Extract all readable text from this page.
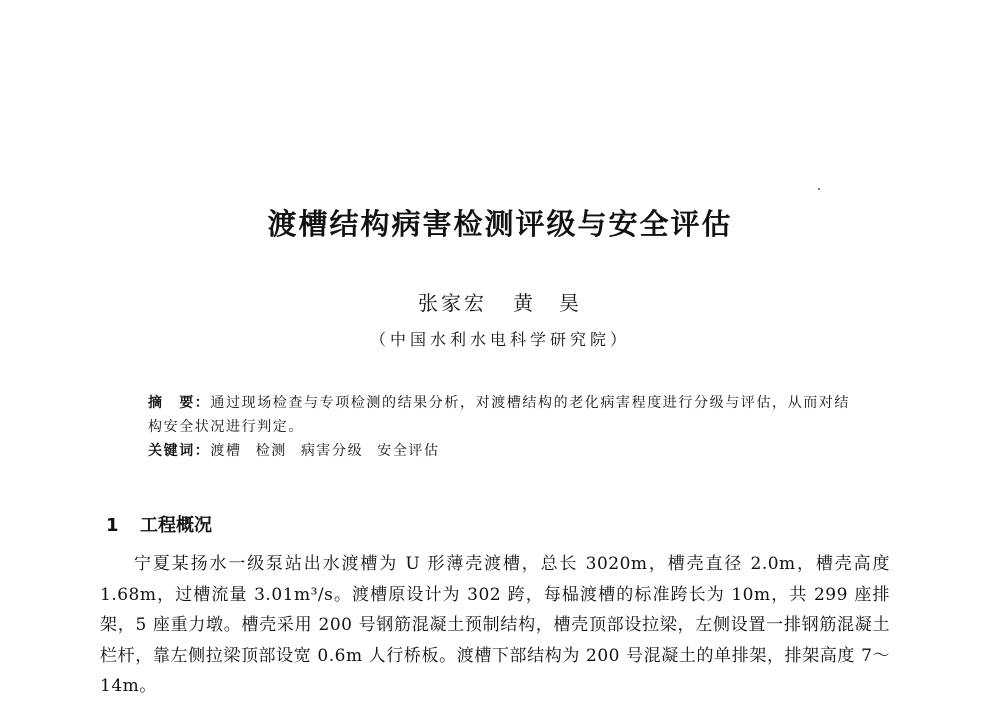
渡槽结构病害检测评级与安全评估
张家宏 黄　昊
（中国水利水电科学研究院）

摘　要：通过现场检查与专项检测的结果分析，对渡槽结构的老化病害程度进行分级与评估，从而对结构安全状况进行判定。

关键词：渡槽 检测 病害分级 安全评估

1 工程概况

宁夏某扬水一级泵站出水渡槽为 U 形薄壳渡槽，总长 3020m，槽壳直径 2.0m，槽壳高度 1.68m，过槽流量 3.01m³/s。渡槽原设计为 302 跨，每榀渡槽的标准跨长为 10m，共 299 座排架，5 座重力墩。槽壳采用 200 号钢筋混凝土预制结构，槽壳顶部设拉梁，左侧设置一排钢筋混凝土栏杆，靠左侧拉梁顶部设宽 0.6m 人行桥板。渡槽下部结构为 200 号混凝土的单排架，排架高度 7～14m。
